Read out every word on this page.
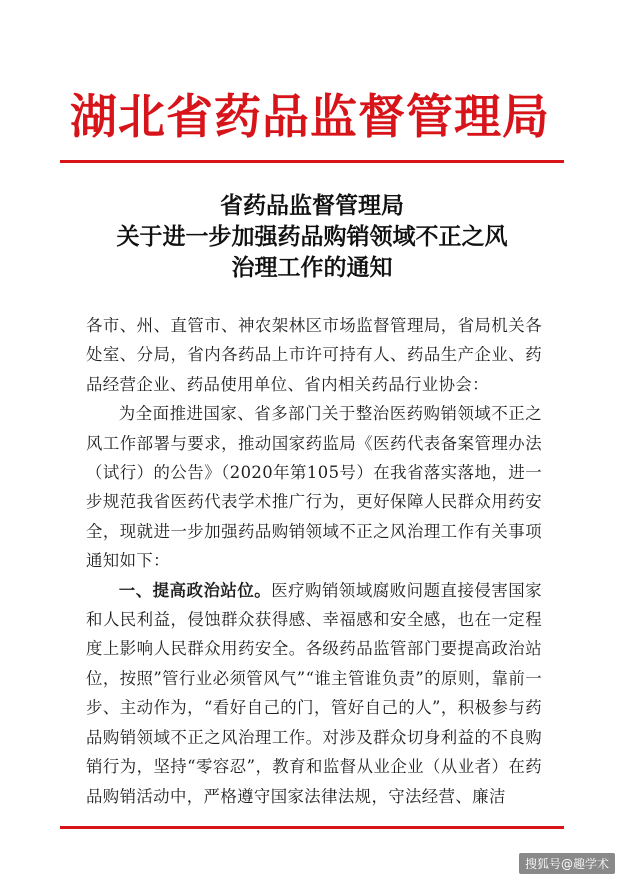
湖北省药品监督管理局
省药品监督管理局
关于进一步加强药品购销领域不正之风
治理工作的通知

各市、州、直管市、神农架林区市场监督管理局，省局机关各处室、分局，省内各药品上市许可持有人、药品生产企业、药品经营企业、药品使用单位、省内相关药品行业协会：

为全面推进国家、省多部门关于整治医药购销领域不正之风工作部署与要求，推动国家药监局《医药代表备案管理办法（试行）的公告》（2020年第105号）在我省落实落地，进一步规范我省医药代表学术推广行为，更好保障人民群众用药安全，现就进一步加强药品购销领域不正之风治理工作有关事项通知如下：

一、提高政治站位。医疗购销领域腐败问题直接侵害国家和人民利益，侵蚀群众获得感、幸福感和安全感，也在一定程度上影响人民群众用药安全。各级药品监管部门要提高政治站位，按照”管行业必须管风气”“谁主管谁负责”的原则，靠前一步、主动作为，“看好自己的门，管好自己的人”，积极参与药品购销领域不正之风治理工作。对涉及群众切身利益的不良购销行为，坚持“零容忍”，教育和监督从业企业（从业者）在药品购销活动中，严格遵守国家法律法规，守法经营、廉洁

搜狐号@趣学术
